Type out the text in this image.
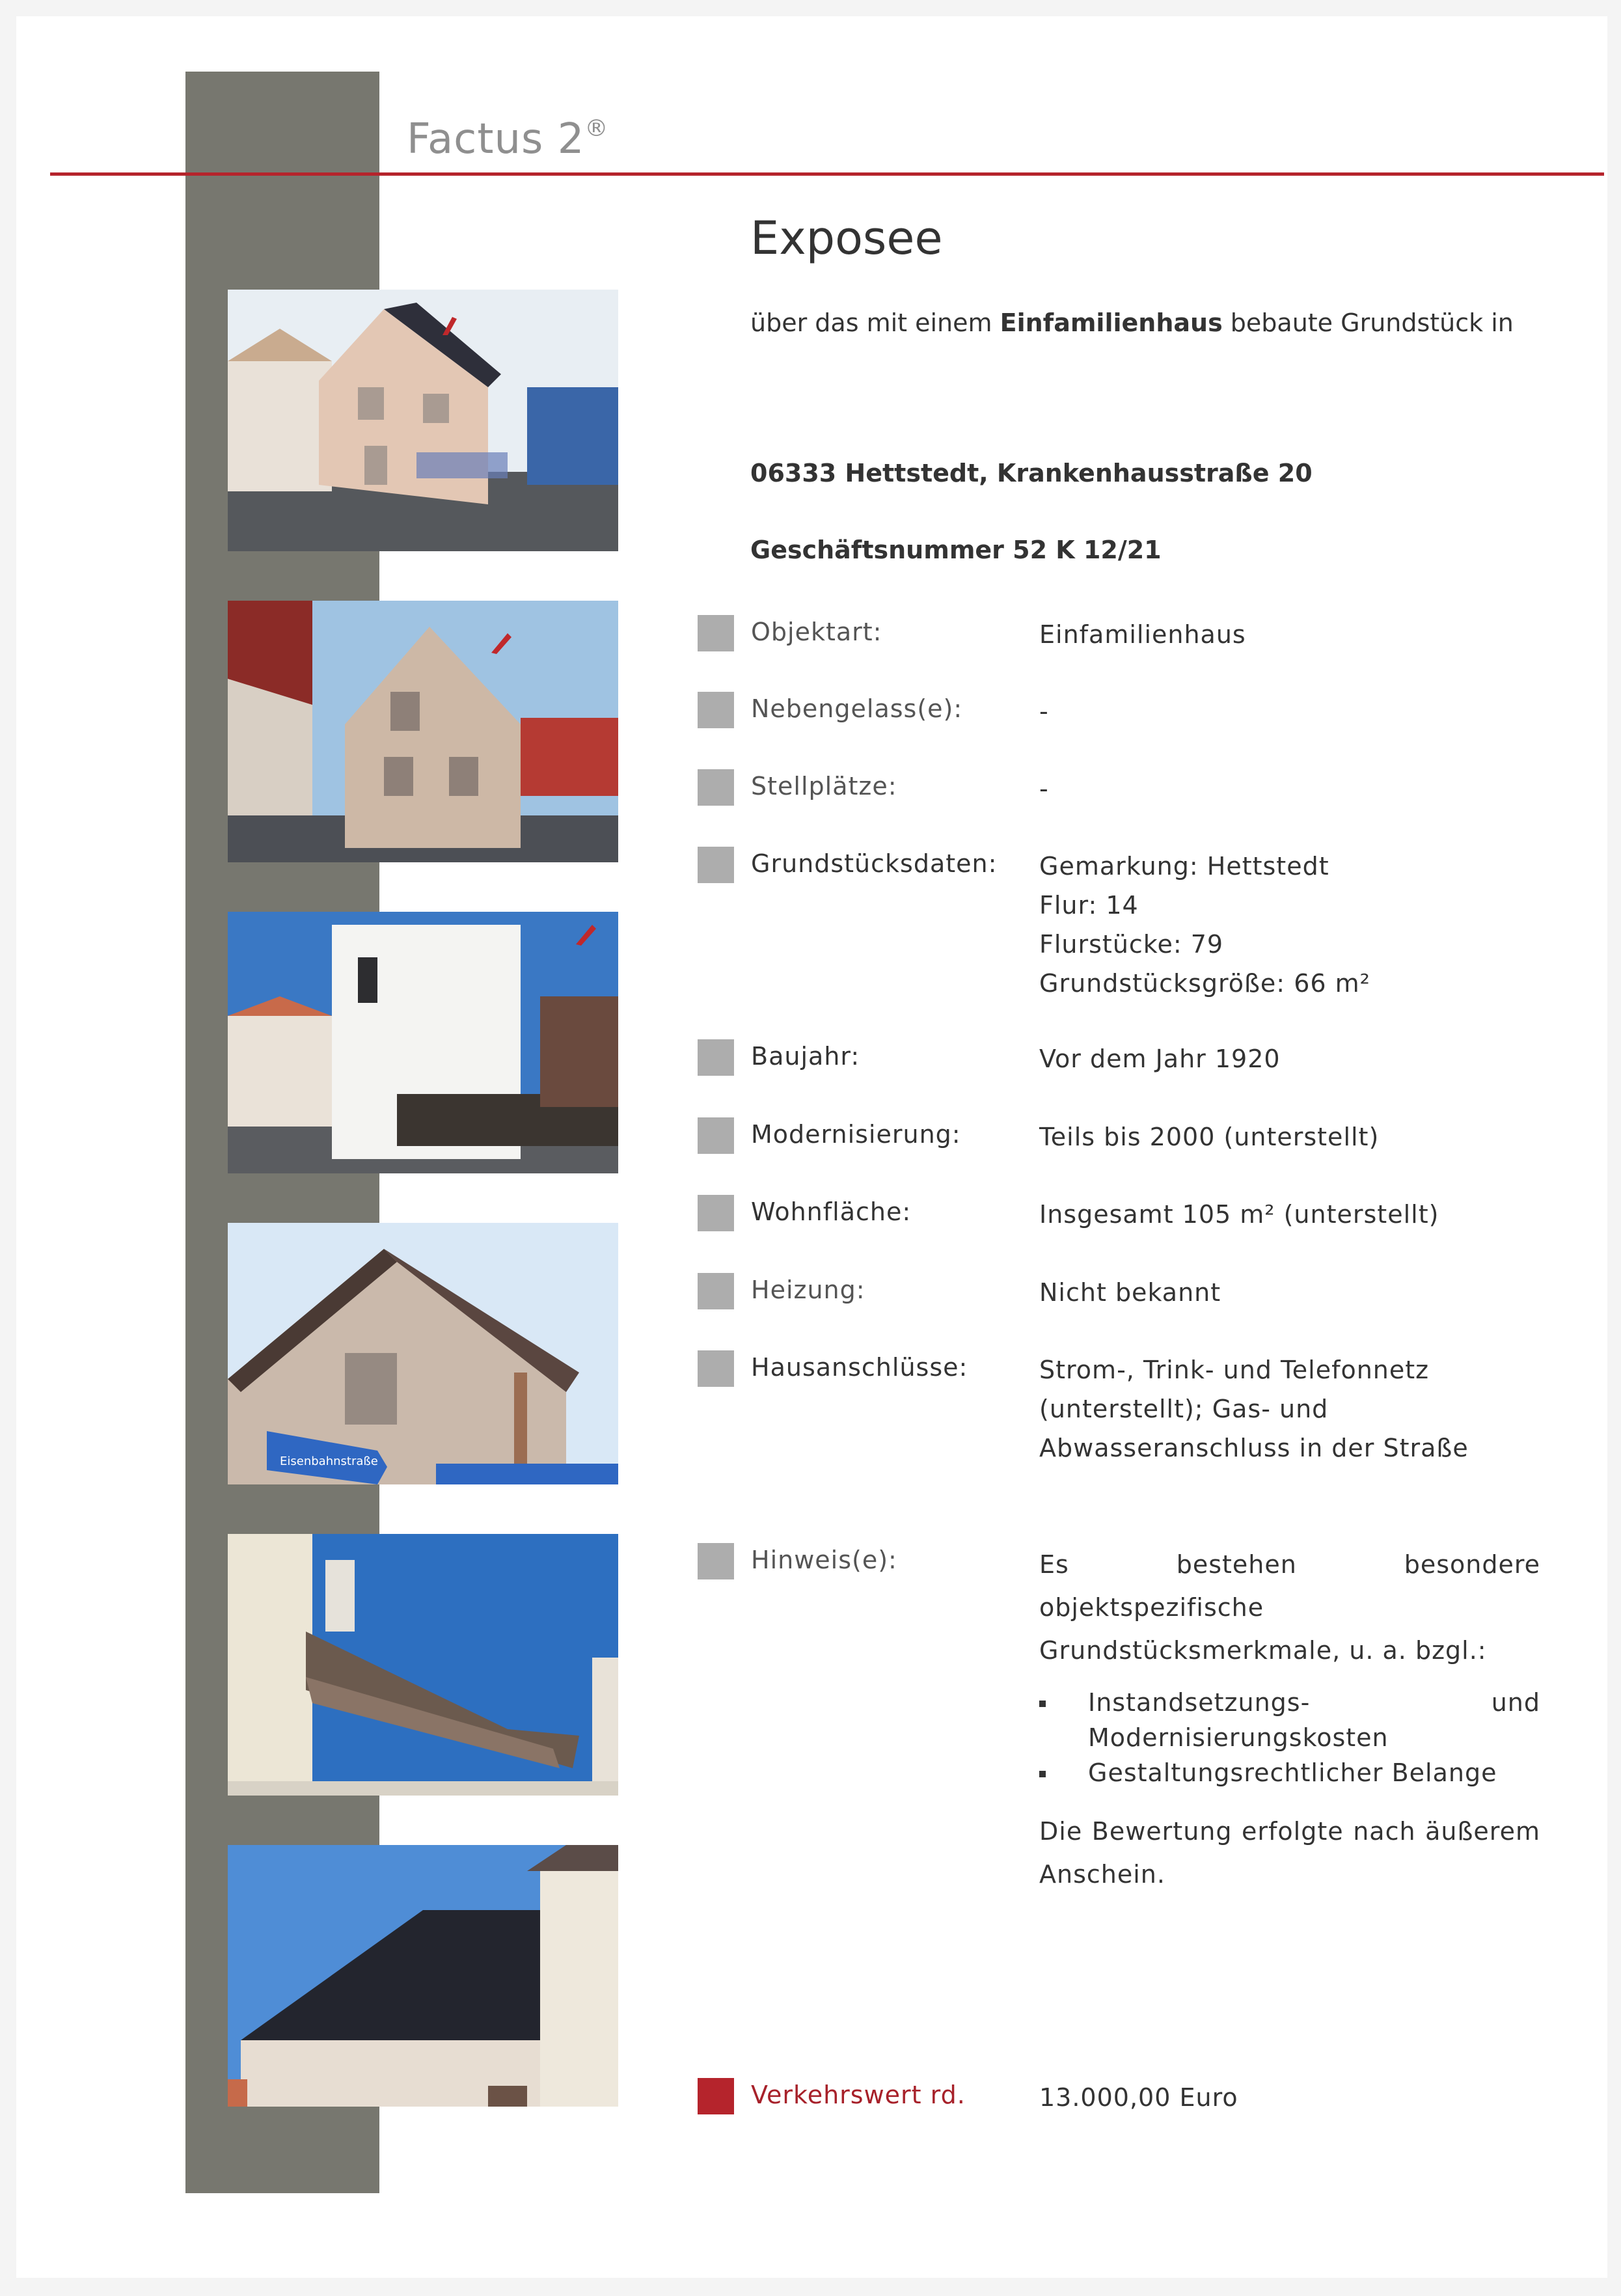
Factus 2®
Eisenbahnstraße
Exposee
über das mit einem Einfamilienhaus bebaute Grundstück in
06333 Hettstedt, Krankenhausstraße 20
Geschäftsnummer 52 K 12/21
Objektart:	Einfamilienhaus
Nebengelass(e):	-
Stellplätze:	-
Grundstücksdaten: Gemarkung: Hettstedt
Flur: 14
Flurstücke: 79
Grundstücksgröße: 66 m²
Baujahr:	Vor dem Jahr 1920
Modernisierung:	Teils bis 2000 (unterstellt)
Wohnfläche:	Insgesamt 105 m² (unterstellt)
Heizung:	Nicht bekannt
Hausanschlüsse:	Strom-, Trink- und Telefonnetz
(unterstellt); Gas- und
Abwasseranschluss in der Straße
Hinweis(e):	Es bestehen besondere objektspezifische Grundstücksmerkmale, u. a. bzgl.:

Instandsetzungs- und Modernisierungskosten
Gestaltungsrechtlicher Belange

Die Bewertung erfolgte nach äußerem Anschein.

Verkehrswert rd.	13.000,00 Euro
